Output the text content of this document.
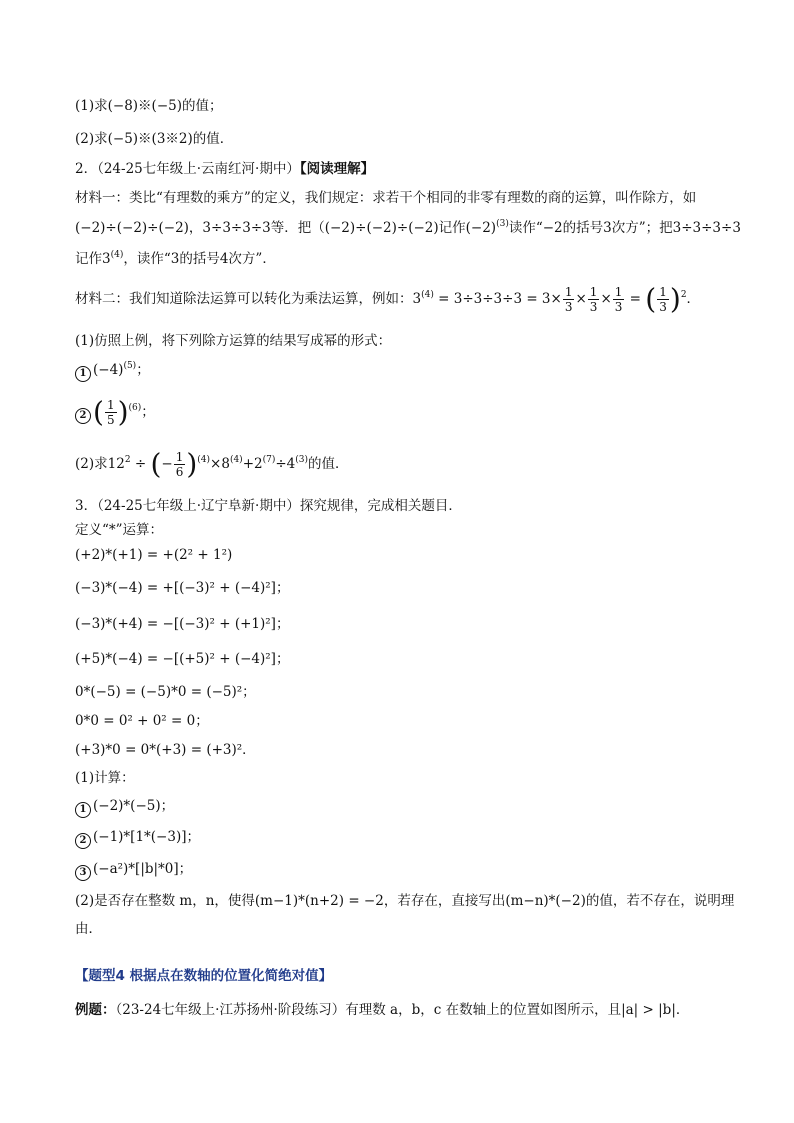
(1)求(−8)※(−5)的值；
(2)求(−5)※(3※2)的值．
2．（24-25七年级上·云南红河·期中）【阅读理解】
材料一：类比“有理数的乘方”的定义，我们规定：求若干个相同的非零有理数的商的运算，叫作除方，如
(−2)÷(−2)÷(−2)，3÷3÷3÷3等．把（(−2)÷(−2)÷(−2)记作$(-2)^{(3)}$读作“−2的括号3次方”；把3÷3÷3÷3
记作3$^{(4)}$，读作“3的括号4次方”．
材料二：我们知道除法运算可以转化为乘法运算，例如：$3^{(4)} = 3\div 3\div 3\div 3 = 3\times \frac{1}{3} \times \frac{1}{3} \times \frac{1}{3}$ = ( $\frac{1}{3} )^2$．
(1)仿照上例，将下列除方运算的结果写成幂的形式：
1 $(-4)^{(5)}$；
2 ( $\frac{1}{5} )^{(6)}$；
(2)求$12^2$ ÷ (− $\frac{1}{6} )^{(4)}\times 8^{(4)}+2^{(7)}\div 4^{(3)}$的值．
3．（24-25七年级上·辽宁阜新·期中）探究规律，完成相关题目．
定义“*”运算：
(+2)*(+1) = +(2² + 1²)
(−3)*(−4) = +[(−3)² + (−4)²]；
(−3)*(+4) = −[(−3)² + (+1)²]；
(+5)*(−4) = −[(+5)² + (−4)²]；
0*(−5) = (−5)*0 = (−5)²；
0*0 = 0² + 0² = 0；
(+3)*0 = 0*(+3) = (+3)²．
(1)计算：
1 (−2)*(−5)；
2 (−1)*[1*(−3)]；
3 (−a²)*[|b|*0]；
(2)是否存在整数 m，n，使得(m−1)*(n+2) = −2，若存在，直接写出(m−n)*(−2)的值，若不存在，说明理
由．
【题型4 根据点在数轴的位置化简绝对值】
例题：（23-24七年级上·江苏扬州·阶段练习）有理数 a，b，c 在数轴上的位置如图所示，且|a| > |b|．
